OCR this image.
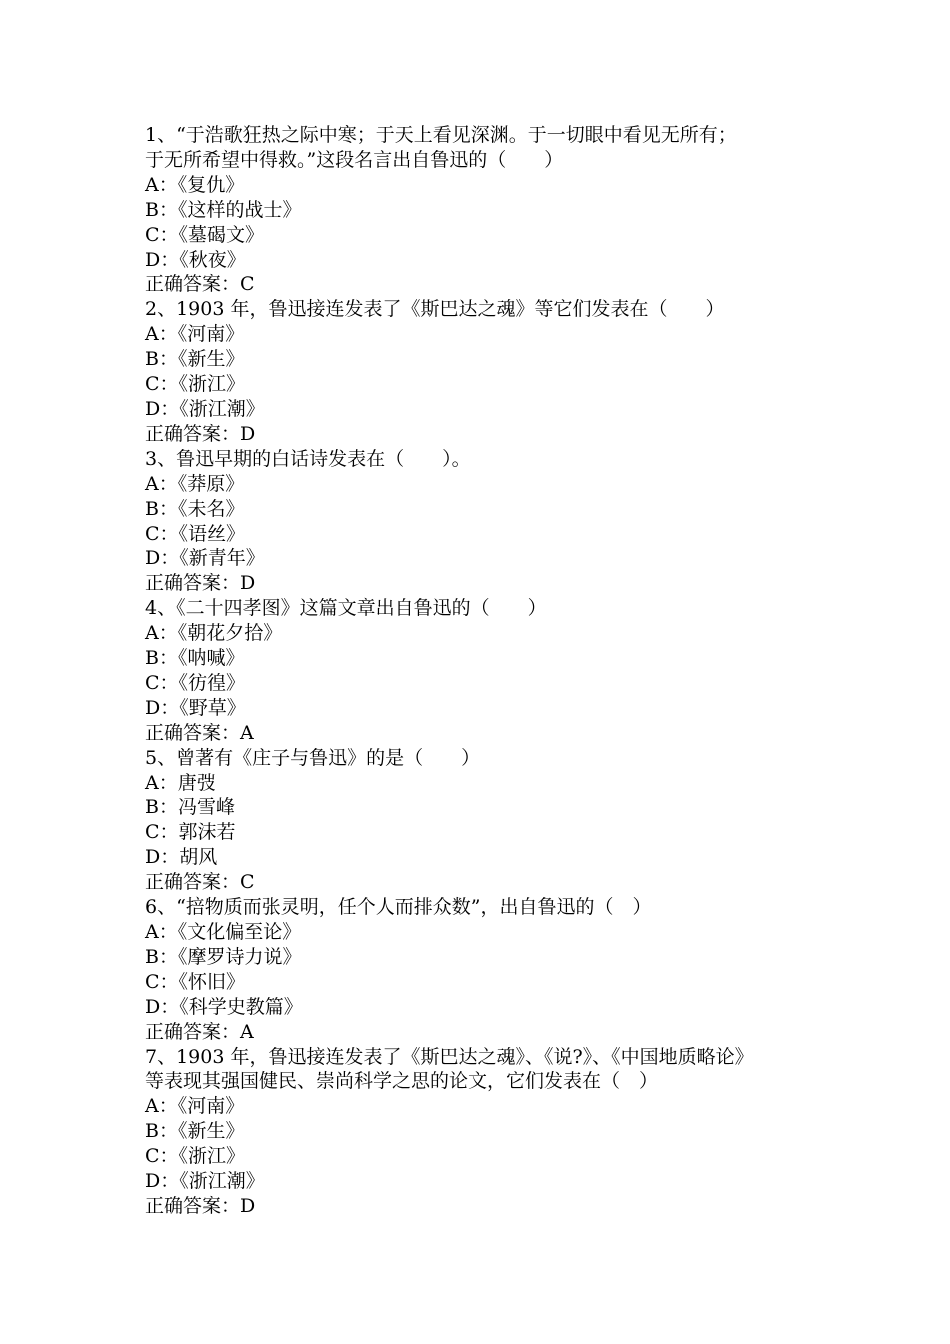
1、“于浩歌狂热之际中寒；于天上看见深渊。于一切眼中看见无所有；
于无所希望中得救。”这段名言出自鲁迅的（　　）
A：《复仇》
B：《这样的战士》
C：《墓碣文》
D：《秋夜》
正确答案：C
2、1903 年，鲁迅接连发表了《斯巴达之魂》等它们发表在（　　）
A：《河南》
B：《新生》
C：《浙江》
D：《浙江潮》
正确答案：D
3、鲁迅早期的白话诗发表在（　　）。
A：《莽原》
B：《未名》
C：《语丝》
D：《新青年》
正确答案：D
4、《二十四孝图》这篇文章出自鲁迅的（　　）
A：《朝花夕拾》
B：《呐喊》
C：《彷徨》
D：《野草》
正确答案：A
5、曾著有《庄子与鲁迅》的是（　　）
A：唐弢
B：冯雪峰
C：郭沫若
D：胡风
正确答案：C
6、“掊物质而张灵明，任个人而排众数”，出自鲁迅的（　）
A：《文化偏至论》
B：《摩罗诗力说》
C：《怀旧》
D：《科学史教篇》
正确答案：A
7、1903 年，鲁迅接连发表了《斯巴达之魂》、《说?》、《中国地质略论》
等表现其强国健民、崇尚科学之思的论文，它们发表在（　）
A：《河南》
B：《新生》
C：《浙江》
D：《浙江潮》
正确答案：D
